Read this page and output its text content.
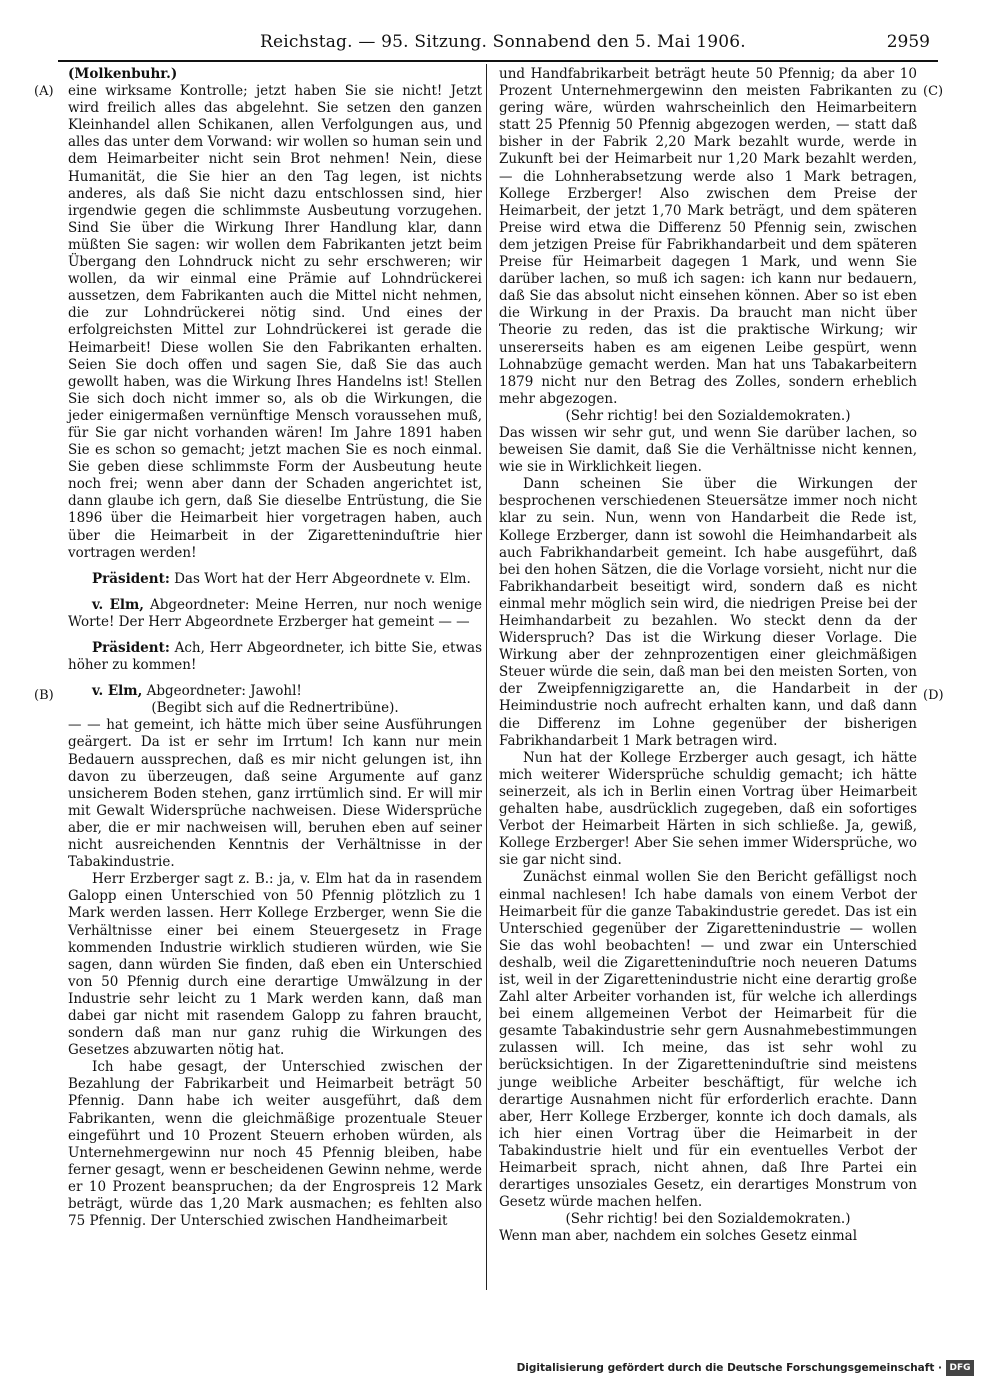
Reichstag. — 95. Sitzung. Sonnabend den 5. Mai 1906.	2959
(A)
(B)
(C)
(D)

(Molkenbuhr.)

eine wirksame Kontrolle; jetzt haben Sie sie nicht! Jetzt wird freilich alles das abgelehnt. Sie setzen den ganzen Kleinhandel allen Schikanen, allen Verfolgungen aus, und alles das unter dem Vorwand: wir wollen so human sein und dem Heimarbeiter nicht sein Brot nehmen! Nein, diese Humanität, die Sie hier an den Tag legen, ist nichts anderes, als daß Sie nicht dazu entschlossen sind, hier irgendwie gegen die schlimmste Ausbeutung vorzugehen. Sind Sie über die Wirkung Ihrer Handlung klar, dann müßten Sie sagen: wir wollen dem Fabrikanten jetzt beim Übergang den Lohndruck nicht zu sehr erschweren; wir wollen, da wir einmal eine Prämie auf Lohndrückerei aussetzen, dem Fabrikanten auch die Mittel nicht nehmen, die zur Lohndrückerei nötig sind. Und eines der erfolgreichsten Mittel zur Lohndrückerei ist gerade die Heimarbeit! Diese wollen Sie den Fabrikanten erhalten. Seien Sie doch offen und sagen Sie, daß Sie das auch gewollt haben, was die Wirkung Ihres Handelns ist! Stellen Sie sich doch nicht immer so, als ob die Wirkungen, die jeder einigermaßen vernünftige Mensch voraussehen muß, für Sie gar nicht vorhanden wären! Im Jahre 1891 haben Sie es schon so gemacht; jetzt machen Sie es noch einmal. Sie geben diese schlimmste Form der Ausbeutung heute noch frei; wenn aber dann der Schaden angerichtet ist, dann glaube ich gern, daß Sie dieselbe Entrüstung, die Sie 1896 über die Heimarbeit hier vorgetragen haben, auch über die Heimarbeit in der Zigaretteninduſtrie hier vortragen werden!

Präsident: Das Wort hat der Herr Abgeordnete v. Elm.

v. Elm, Abgeordneter: Meine Herren, nur noch wenige Worte! Der Herr Abgeordnete Erzberger hat gemeint — —

Präsident: Ach, Herr Abgeordneter, ich bitte Sie, etwas höher zu kommen!

v. Elm, Abgeordneter: Jawohl!

(Begibt sich auf die Rednertribüne).

— — hat gemeint, ich hätte mich über seine Ausführungen geärgert. Da ist er sehr im Irrtum! Ich kann nur mein Bedauern aussprechen, daß es mir nicht gelungen ist, ihn davon zu überzeugen, daß seine Argumente auf ganz unsicherem Boden stehen, ganz irrtümlich sind. Er will mir mit Gewalt Widersprüche nachweisen. Diese Widersprüche aber, die er mir nachweisen will, beruhen eben auf seiner nicht ausreichenden Kenntnis der Verhältnisse in der Tabakindustrie.

Herr Erzberger sagt z. B.: ja, v. Elm hat da in rasendem Galopp einen Unterschied von 50 Pfennig plötzlich zu 1 Mark werden lassen. Herr Kollege Erzberger, wenn Sie die Verhältnisse einer bei einem Steuergesetz in Frage kommenden Industrie wirklich studieren würden, wie Sie sagen, dann würden Sie finden, daß eben ein Unterschied von 50 Pfennig durch eine derartige Umwälzung in der Industrie sehr leicht zu 1 Mark werden kann, daß man dabei gar nicht mit rasendem Galopp zu fahren braucht, sondern daß man nur ganz ruhig die Wirkungen des Gesetzes abzuwarten nötig hat.

Ich habe gesagt, der Unterschied zwischen der Bezahlung der Fabrikarbeit und Heimarbeit beträgt 50 Pfennig. Dann habe ich weiter ausgeführt, daß dem Fabrikanten, wenn die gleichmäßige prozentuale Steuer eingeführt und 10 Prozent Steuern erhoben würden, als Unternehmergewinn nur noch 45 Pfennig bleiben, habe ferner gesagt, wenn er bescheidenen Gewinn nehme, werde er 10 Prozent beanspruchen; da der Engrospreis 12 Mark beträgt, würde das 1,20 Mark ausmachen; es fehlten also 75 Pfennig. Der Unterschied zwischen Handheimarbeit

und Handfabrikarbeit beträgt heute 50 Pfennig; da aber 10 Prozent Unternehmergewinn den meisten Fabrikanten zu gering wäre, würden wahrscheinlich den Heimarbeitern statt 25 Pfennig 50 Pfennig abgezogen werden, — statt daß bisher in der Fabrik 2,20 Mark bezahlt wurde, werde in Zukunft bei der Heimarbeit nur 1,20 Mark bezahlt werden, — die Lohnherabsetzung werde also 1 Mark betragen, Kollege Erzberger! Also zwischen dem Preise der Heimarbeit, der jetzt 1,70 Mark beträgt, und dem späteren Preise wird etwa die Differenz 50 Pfennig sein, zwischen dem jetzigen Preise für Fabrikhandarbeit und dem späteren Preise für Heimarbeit dagegen 1 Mark, und wenn Sie darüber lachen, so muß ich sagen: ich kann nur bedauern, daß Sie das absolut nicht einsehen können. Aber so ist eben die Wirkung in der Praxis. Da braucht man nicht über Theorie zu reden, das ist die praktische Wirkung; wir unsererseits haben es am eigenen Leibe gespürt, wenn Lohnabzüge gemacht werden. Man hat uns Tabakarbeitern 1879 nicht nur den Betrag des Zolles, sondern erheblich mehr abgezogen.

(Sehr richtig! bei den Sozialdemokraten.)

Das wissen wir sehr gut, und wenn Sie darüber lachen, so beweisen Sie damit, daß Sie die Verhältnisse nicht kennen, wie sie in Wirklichkeit liegen.

Dann scheinen Sie über die Wirkungen der besprochenen verschiedenen Steuersätze immer noch nicht klar zu sein. Nun, wenn von Handarbeit die Rede ist, Kollege Erzberger, dann ist sowohl die Heimhandarbeit als auch Fabrikhandarbeit gemeint. Ich habe ausgeführt, daß bei den hohen Sätzen, die die Vorlage vorsieht, nicht nur die Fabrikhandarbeit beseitigt wird, sondern daß es nicht einmal mehr möglich sein wird, die niedrigen Preise bei der Heimhandarbeit zu bezahlen. Wo steckt denn da der Widerspruch? Das ist die Wirkung dieser Vorlage. Die Wirkung aber der zehnprozentigen einer gleichmäßigen Steuer würde die sein, daß man bei den meisten Sorten, von der Zweipfennigzigarette an, die Handarbeit in der Heimindustrie noch aufrecht erhalten kann, und daß dann die Differenz im Lohne gegenüber der bisherigen Fabrikhandarbeit 1 Mark betragen wird.

Nun hat der Kollege Erzberger auch gesagt, ich hätte mich weiterer Widersprüche schuldig gemacht; ich hätte seinerzeit, als ich in Berlin einen Vortrag über Heimarbeit gehalten habe, ausdrücklich zugegeben, daß ein sofortiges Verbot der Heimarbeit Härten in sich schließe. Ja, gewiß, Kollege Erzberger! Aber Sie sehen immer Widersprüche, wo sie gar nicht sind.

Zunächst einmal wollen Sie den Bericht gefälligst noch einmal nachlesen! Ich habe damals von einem Verbot der Heimarbeit für die ganze Tabakindustrie geredet. Das ist ein Unterschied gegenüber der Zigarettenindustrie — wollen Sie das wohl beobachten! — und zwar ein Unterschied deshalb, weil die Zigaretteninduſtrie noch neueren Datums ist, weil in der Zigarettenindustrie nicht eine derartig große Zahl alter Arbeiter vorhanden ist, für welche ich allerdings bei einem allgemeinen Verbot der Heimarbeit für die gesamte Tabakindustrie sehr gern Ausnahmebestimmungen zulassen will. Ich meine, das ist sehr wohl zu berücksichtigen. In der Zigaretteninduſtrie sind meistens junge weibliche Arbeiter beschäftigt, für welche ich derartige Ausnahmen nicht für erforderlich erachte. Dann aber, Herr Kollege Erzberger, konnte ich doch damals, als ich hier einen Vortrag über die Heimarbeit in der Tabakindustrie hielt und für ein eventuelles Verbot der Heimarbeit sprach, nicht ahnen, daß Ihre Partei ein derartiges unsoziales Gesetz, ein derartiges Monstrum von Gesetz würde machen helfen.

(Sehr richtig! bei den Sozialdemokraten.)

Wenn man aber, nachdem ein solches Gesetz einmal

Digitalisierung gefördert durch die Deutsche Forschungsgemeinschaft · DFG
